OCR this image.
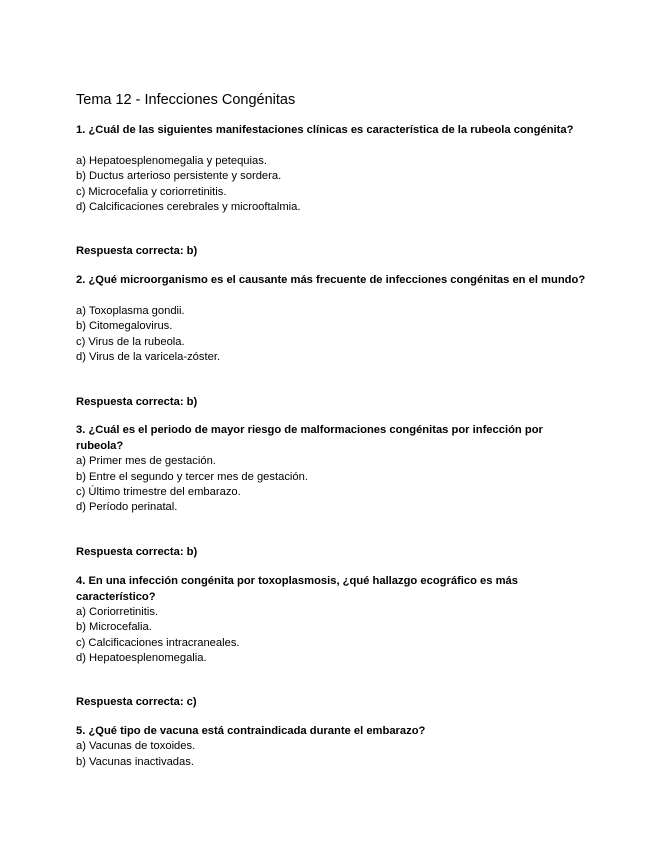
Tema 12 - Infecciones Congénitas
1. ¿Cuál de las siguientes manifestaciones clínicas es característica de la rubeola congénita?
a) Hepatoesplenomegalia y petequias.
b) Ductus arterioso persistente y sordera.
c) Microcefalia y coriorretinitis.
d) Calcificaciones cerebrales y microoftalmia.
Respuesta correcta: b)
2. ¿Qué microorganismo es el causante más frecuente de infecciones congénitas en el mundo?
a) Toxoplasma gondii.
b) Citomegalovirus.
c) Virus de la rubeola.
d) Virus de la varicela-zóster.
Respuesta correcta: b)
3. ¿Cuál es el periodo de mayor riesgo de malformaciones congénitas por infección por rubeola?
a) Primer mes de gestación.
b) Entre el segundo y tercer mes de gestación.
c) Último trimestre del embarazo.
d) Período perinatal.
Respuesta correcta: b)
4. En una infección congénita por toxoplasmosis, ¿qué hallazgo ecográfico es más característico?
a) Coriorretinitis.
b) Microcefalia.
c) Calcificaciones intracraneales.
d) Hepatoesplenomegalia.
Respuesta correcta: c)
5. ¿Qué tipo de vacuna está contraindicada durante el embarazo?
a) Vacunas de toxoides.
b) Vacunas inactivadas.
